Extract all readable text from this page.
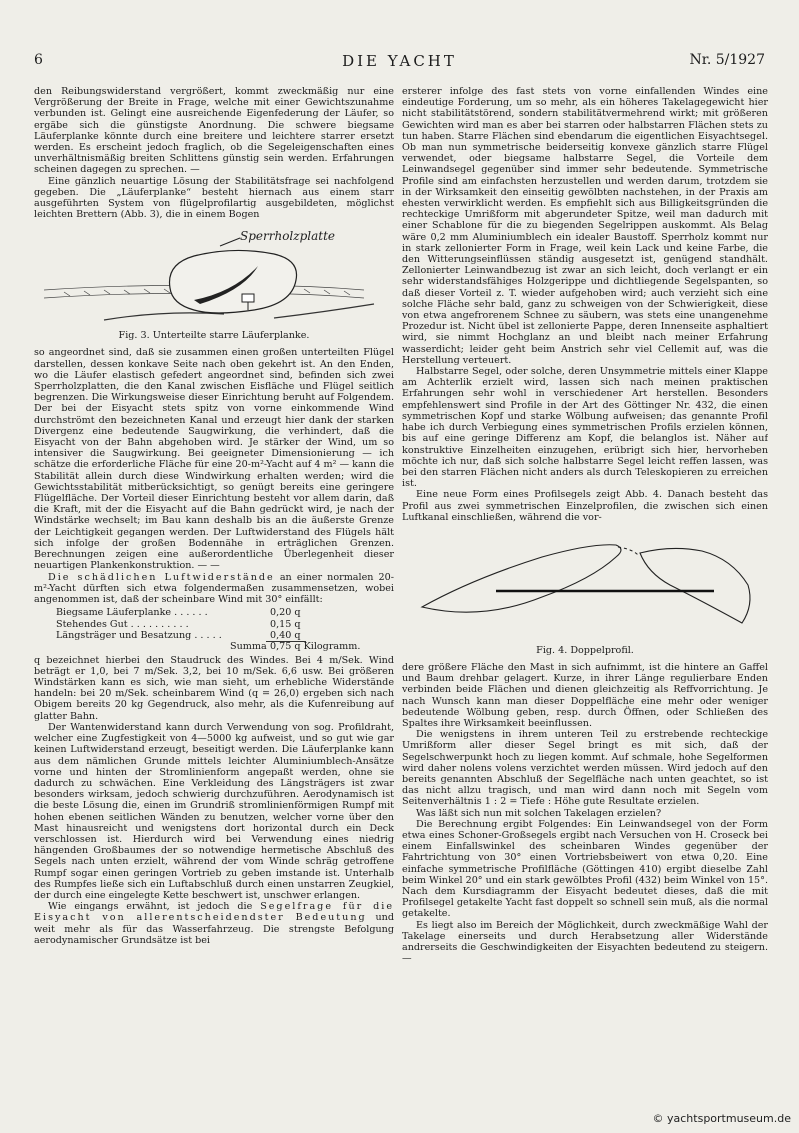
6	DIE YACHT	Nr. 5/1927

den Reibungswiderstand vergrößert, kommt zweckmäßig nur eine Vergrößerung der Breite in Frage, welche mit einer Gewichtszunahme verbunden ist. Gelingt eine ausreichende Eigenfederung der Läufer, so ergäbe sich die günstigste Anordnung. Die schwere biegsame Läuferplanke könnte durch eine breitere und leichtere starrer ersetzt werden. Es erscheint jedoch fraglich, ob die Segeleigenschaften eines unverhältnismäßig breiten Schlittens günstig sein werden. Erfahrungen scheinen dagegen zu sprechen. —

Eine gänzlich neuartige Lösung der Stabilitätsfrage sei nachfolgend gegeben. Die „Läuferplanke“ besteht hiernach aus einem starr ausgeführten System von flügelprofilartig ausgebildeten, möglichst leichten Brettern (Abb. 3), die in einem Bogen

Sperrholzplatte

Fig. 3. Unterteilte starre Läuferplanke.

so angeordnet sind, daß sie zusammen einen großen unterteilten Flügel darstellen, dessen konkave Seite nach oben gekehrt ist. An den Enden, wo die Läufer elastisch gefedert angeordnet sind, befinden sich zwei Sperrholzplatten, die den Kanal zwischen Eisfläche und Flügel seitlich begrenzen. Die Wirkungsweise dieser Einrichtung beruht auf Folgendem. Der bei der Eisyacht stets spitz von vorne einkommende Wind durchströmt den bezeichneten Kanal und erzeugt hier dank der starken Divergenz eine bedeutende Saugwirkung, die verhindert, daß die Eisyacht von der Bahn abgehoben wird. Je stärker der Wind, um so intensiver die Saugwirkung. Bei geeigneter Dimensionierung — ich schätze die erforderliche Fläche für eine 20-m²-Yacht auf 4 m² — kann die Stabilität allein durch diese Windwirkung erhalten werden; wird die Gewichtsstabilität mitberücksichtigt, so genügt bereits eine geringere Flügelfläche. Der Vorteil dieser Einrichtung besteht vor allem darin, daß die Kraft, mit der die Eisyacht auf die Bahn gedrückt wird, je nach der Windstärke wechselt; im Bau kann deshalb bis an die äußerste Grenze der Leichtigkeit gegangen werden. Der Luftwiderstand des Flügels hält sich infolge der großen Bodennähe in erträglichen Grenzen. Berechnungen zeigen eine außerordentliche Überlegenheit dieser neuartigen Plankenkonstruktion. — —

Die schädlichen Luftwiderstände an einer normalen 20-m²-Yacht dürften sich etwa folgendermaßen zusammensetzen, wobei angenommen ist, daß der scheinbare Wind mit 30° einfällt:

Biegsame Läuferplanke . . . . . .	0,20 q
Stehendes Gut . . . . . . . . . .	0,15 q
Längsträger und Besatzung . . . . .	0,40 q
Summa 0,75 q Kilogramm.

q bezeichnet hierbei den Staudruck des Windes. Bei 4 m/Sek. Wind beträgt er 1,0, bei 7 m/Sek. 3,2, bei 10 m/Sek. 6,6 usw. Bei größeren Windstärken kann es sich, wie man sieht, um erhebliche Widerstände handeln: bei 20 m/Sek. scheinbarem Wind (q = 26,0) ergeben sich nach Obigem bereits 20 kg Gegendruck, also mehr, als die Kufenreibung auf glatter Bahn.

Der Wantenwiderstand kann durch Verwendung von sog. Profildraht, welcher eine Zugfestigkeit von 4—5000 kg aufweist, und so gut wie gar keinen Luftwiderstand erzeugt, beseitigt werden. Die Läuferplanke kann aus dem nämlichen Grunde mittels leichter Aluminiumblech-Ansätze vorne und hinten der Stromlinienform angepaßt werden, ohne sie dadurch zu schwächen. Eine Verkleidung des Längsträgers ist zwar besonders wirksam, jedoch schwierig durchzuführen. Aerodynamisch ist die beste Lösung die, einen im Grundriß stromlinienförmigen Rumpf mit hohen ebenen seitlichen Wänden zu benutzen, welcher vorne über den Mast hinausreicht und wenigstens dort horizontal durch ein Deck verschlossen ist. Hierdurch wird bei Verwendung eines niedrig hängenden Großbaumes der so notwendige hermetische Abschluß des Segels nach unten erzielt, während der vom Winde schräg getroffene Rumpf sogar einen geringen Vortrieb zu geben imstande ist. Unterhalb des Rumpfes ließe sich ein Luftabschluß durch einen unstarren Zeugkiel, der durch eine eingelegte Kette beschwert ist, unschwer erlangen.

Wie eingangs erwähnt, ist jedoch die Segelfrage für die Eisyacht von allerentscheidendster Bedeutung und weit mehr als für das Wasserfahrzeug. Die strengste Befolgung aerodynamischer Grundsätze ist bei

ersterer infolge des fast stets von vorne einfallenden Windes eine eindeutige Forderung, um so mehr, als ein höheres Takelagegewicht hier nicht stabilitätstörend, sondern stabilitätvermehrend wirkt; mit größeren Gewichten wird man es aber bei starren oder halbstarren Flächen stets zu tun haben. Starre Flächen sind ebendarum die eigentlichen Eisyachtsegel. Ob man nun symmetrische beiderseitig konvexe gänzlich starre Flügel verwendet, oder biegsame halbstarre Segel, die Vorteile dem Leinwandsegel gegenüber sind immer sehr bedeutende. Symmetrische Profile sind am einfachsten herzustellen und werden darum, trotzdem sie in der Wirksamkeit den einseitig gewölbten nachstehen, in der Praxis am ehesten verwirklicht werden. Es empfiehlt sich aus Billigkeitsgründen die rechteckige Umrißform mit abgerundeter Spitze, weil man dadurch mit einer Schablone für die zu biegenden Segelrippen auskommt. Als Belag wäre 0,2 mm Aluminiumblech ein idealer Baustoff. Sperrholz kommt nur in stark zellonierter Form in Frage, weil kein Lack und keine Farbe, die den Witterungseinflüssen ständig ausgesetzt ist, genügend standhält. Zellonierter Leinwandbezug ist zwar an sich leicht, doch verlangt er ein sehr widerstandsfähiges Holzgerippe und dichtliegende Segelspanten, so daß dieser Vorteil z. T. wieder aufgehoben wird; auch verzieht sich eine solche Fläche sehr bald, ganz zu schweigen von der Schwierigkeit, diese von etwa angefrorenem Schnee zu säubern, was stets eine unangenehme Prozedur ist. Nicht übel ist zellonierte Pappe, deren Innenseite asphaltiert wird, sie nimmt Hochglanz an und bleibt nach meiner Erfahrung wasserdicht; leider geht beim Anstrich sehr viel Cellemit auf, was die Herstellung verteuert.

Halbstarre Segel, oder solche, deren Unsymmetrie mittels einer Klappe am Achterlik erzielt wird, lassen sich nach meinen praktischen Erfahrungen sehr wohl in verschiedener Art herstellen. Besonders empfehlenswert sind Profile in der Art des Göttinger Nr. 432, die einen symmetrischen Kopf und starke Wölbung aufweisen; das genannte Profil habe ich durch Verbiegung eines symmetrischen Profils erzielen können, bis auf eine geringe Differenz am Kopf, die belanglos ist. Näher auf konstruktive Einzelheiten einzugehen, erübrigt sich hier, hervorheben möchte ich nur, daß sich solche halbstarre Segel leicht reffen lassen, was bei den starren Flächen nicht anders als durch Teleskopieren zu erreichen ist.

Eine neue Form eines Profilsegels zeigt Abb. 4. Danach besteht das Profil aus zwei symmetrischen Einzelprofilen, die zwischen sich einen Luftkanal einschließen, während die vor-

Fig. 4. Doppelprofil.

dere größere Fläche den Mast in sich aufnimmt, ist die hintere an Gaffel und Baum drehbar gelagert. Kurze, in ihrer Länge regulierbare Enden verbinden beide Flächen und dienen gleichzeitig als Reffvorrichtung. Je nach Wunsch kann man dieser Doppelfläche eine mehr oder weniger bedeutende Wölbung geben, resp. durch Öffnen, oder Schließen des Spaltes ihre Wirksamkeit beeinflussen.

Die wenigstens in ihrem unteren Teil zu erstrebende rechteckige Umrißform aller dieser Segel bringt es mit sich, daß der Segelschwerpunkt hoch zu liegen kommt. Auf schmale, hohe Segelformen wird daher nolens volens verzichtet werden müssen. Wird jedoch auf den bereits genannten Abschluß der Segelfläche nach unten geachtet, so ist das nicht allzu tragisch, und man wird dann noch mit Segeln vom Seitenverhältnis 1 : 2 = Tiefe : Höhe gute Resultate erzielen.

Was läßt sich nun mit solchen Takelagen erzielen?

Die Berechnung ergibt Folgendes: Ein Leinwandsegel von der Form etwa eines Schoner-Großsegels ergibt nach Versuchen von H. Croseck bei einem Einfallswinkel des scheinbaren Windes gegenüber der Fahrtrichtung von 30° einen Vortriebsbeiwert von etwa 0,20. Eine einfache symmetrische Profilfläche (Göttingen 410) ergibt dieselbe Zahl beim Winkel 20° und ein stark gewölbtes Profil (432) beim Winkel von 15°. Nach dem Kursdiagramm der Eisyacht bedeutet dieses, daß die mit Profilsegel getakelte Yacht fast doppelt so schnell sein muß, als die normal getakelte.

Es liegt also im Bereich der Möglichkeit, durch zweckmäßige Wahl der Takelage einerseits und durch Herabsetzung aller Widerstände andrerseits die Geschwindigkeiten der Eisyachten bedeutend zu steigern. —

© yachtsportmuseum.de
